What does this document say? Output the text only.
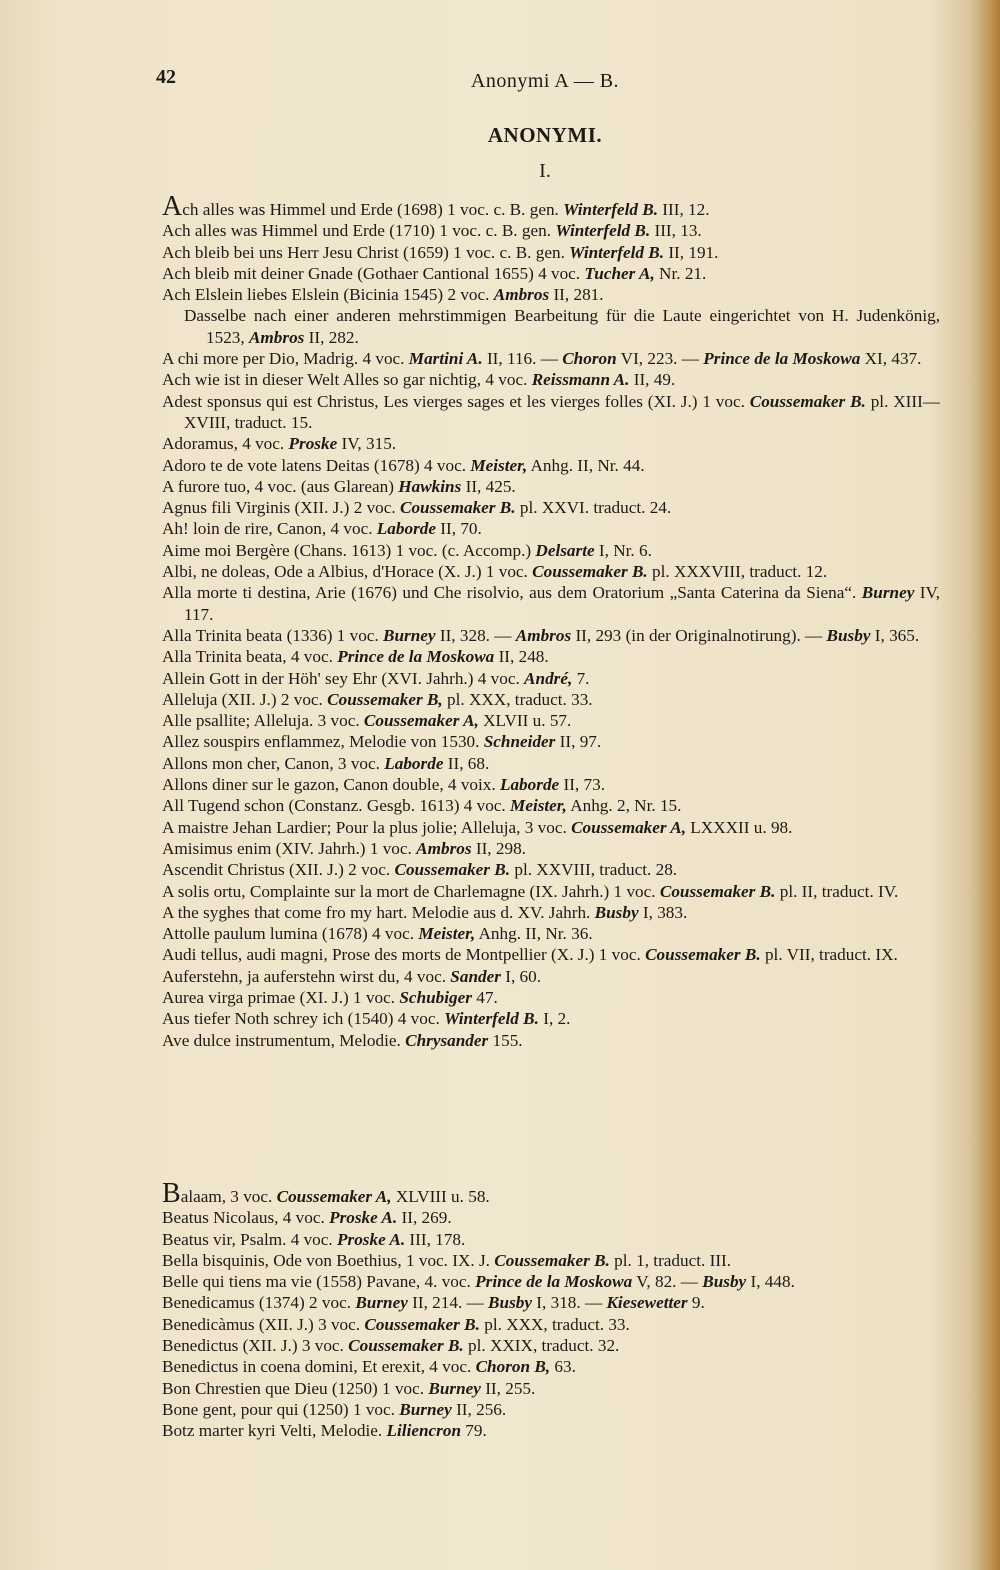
42	Anonymi A — B.
ANONYMI.
I.

Ach alles was Himmel und Erde (1698) 1 voc. c. B. gen. Winterfeld B. III, 12.

Ach alles was Himmel und Erde (1710) 1 voc. c. B. gen. Winterfeld B. III, 13.

Ach bleib bei uns Herr Jesu Christ (1659) 1 voc. c. B. gen. Winterfeld B. II, 191.

Ach bleib mit deiner Gnade (Gothaer Cantional 1655) 4 voc. Tucher A, Nr. 21.

Ach Elslein liebes Elslein (Bicinia 1545) 2 voc. Ambros II, 281.

Dasselbe nach einer anderen mehrstimmigen Bearbeitung für die Laute eingerichtet von H. Judenkönig, 1523, Ambros II, 282.

A chi more per Dio, Madrig. 4 voc. Martini A. II, 116. — Choron VI, 223. — Prince de la Moskowa XI, 437.

Ach wie ist in dieser Welt Alles so gar nichtig, 4 voc. Reissmann A. II, 49.

Adest sponsus qui est Christus, Les vierges sages et les vierges folles (XI. J.) 1 voc. Coussemaker B. pl. XIII—XVIII, traduct. 15.

Adoramus, 4 voc. Proske IV, 315.

Adoro te de vote latens Deitas (1678) 4 voc. Meister, Anhg. II, Nr. 44.

A furore tuo, 4 voc. (aus Glarean) Hawkins II, 425.

Agnus fili Virginis (XII. J.) 2 voc. Coussemaker B. pl. XXVI. traduct. 24.

Ah! loin de rire, Canon, 4 voc. Laborde II, 70.

Aime moi Bergère (Chans. 1613) 1 voc. (c. Accomp.) Delsarte I, Nr. 6.

Albi, ne doleas, Ode a Albius, d'Horace (X. J.) 1 voc. Coussemaker B. pl. XXXVIII, traduct. 12.

Alla morte ti destina, Arie (1676) und Che risolvio, aus dem Oratorium „Santa Caterina da Siena“. Burney IV, 117.

Alla Trinita beata (1336) 1 voc. Burney II, 328. — Ambros II, 293 (in der Originalnotirung). — Busby I, 365.

Alla Trinita beata, 4 voc. Prince de la Moskowa II, 248.

Allein Gott in der Höh' sey Ehr (XVI. Jahrh.) 4 voc. André, 7.

Alleluja (XII. J.) 2 voc. Coussemaker B, pl. XXX, traduct. 33.

Alle psallite; Alleluja. 3 voc. Coussemaker A, XLVII u. 57.

Allez souspirs enflammez, Melodie von 1530. Schneider II, 97.

Allons mon cher, Canon, 3 voc. Laborde II, 68.

Allons diner sur le gazon, Canon double, 4 voix. Laborde II, 73.

All Tugend schon (Constanz. Gesgb. 1613) 4 voc. Meister, Anhg. 2, Nr. 15.

A maistre Jehan Lardier; Pour la plus jolie; Alleluja, 3 voc. Coussemaker A, LXXXII u. 98.

Amisimus enim (XIV. Jahrh.) 1 voc. Ambros II, 298.

Ascendit Christus (XII. J.) 2 voc. Coussemaker B. pl. XXVIII, traduct. 28.

A solis ortu, Complainte sur la mort de Charlemagne (IX. Jahrh.) 1 voc. Coussemaker B. pl. II, traduct. IV.

A the syghes that come fro my hart. Melodie aus d. XV. Jahrh. Busby I, 383.

Attolle paulum lumina (1678) 4 voc. Meister, Anhg. II, Nr. 36.

Audi tellus, audi magni, Prose des morts de Montpellier (X. J.) 1 voc. Coussemaker B. pl. VII, traduct. IX.

Auferstehn, ja auferstehn wirst du, 4 voc. Sander I, 60.

Aurea virga primae (XI. J.) 1 voc. Schubiger 47.

Aus tiefer Noth schrey ich (1540) 4 voc. Winterfeld B. I, 2.

Ave dulce instrumentum, Melodie. Chrysander 155.

Balaam, 3 voc. Coussemaker A, XLVIII u. 58.

Beatus Nicolaus, 4 voc. Proske A. II, 269.

Beatus vir, Psalm. 4 voc. Proske A. III, 178.

Bella bisquinis, Ode von Boethius, 1 voc. IX. J. Coussemaker B. pl. 1, traduct. III.

Belle qui tiens ma vie (1558) Pavane, 4. voc. Prince de la Moskowa V, 82. — Busby I, 448.

Benedicamus (1374) 2 voc. Burney II, 214. — Busby I, 318. — Kiesewetter 9.

Benedicàmus (XII. J.) 3 voc. Coussemaker B. pl. XXX, traduct. 33.

Benedictus (XII. J.) 3 voc. Coussemaker B. pl. XXIX, traduct. 32.

Benedictus in coena domini, Et erexit, 4 voc. Choron B, 63.

Bon Chrestien que Dieu (1250) 1 voc. Burney II, 255.

Bone gent, pour qui (1250) 1 voc. Burney II, 256.

Botz marter kyri Velti, Melodie. Liliencron 79.
